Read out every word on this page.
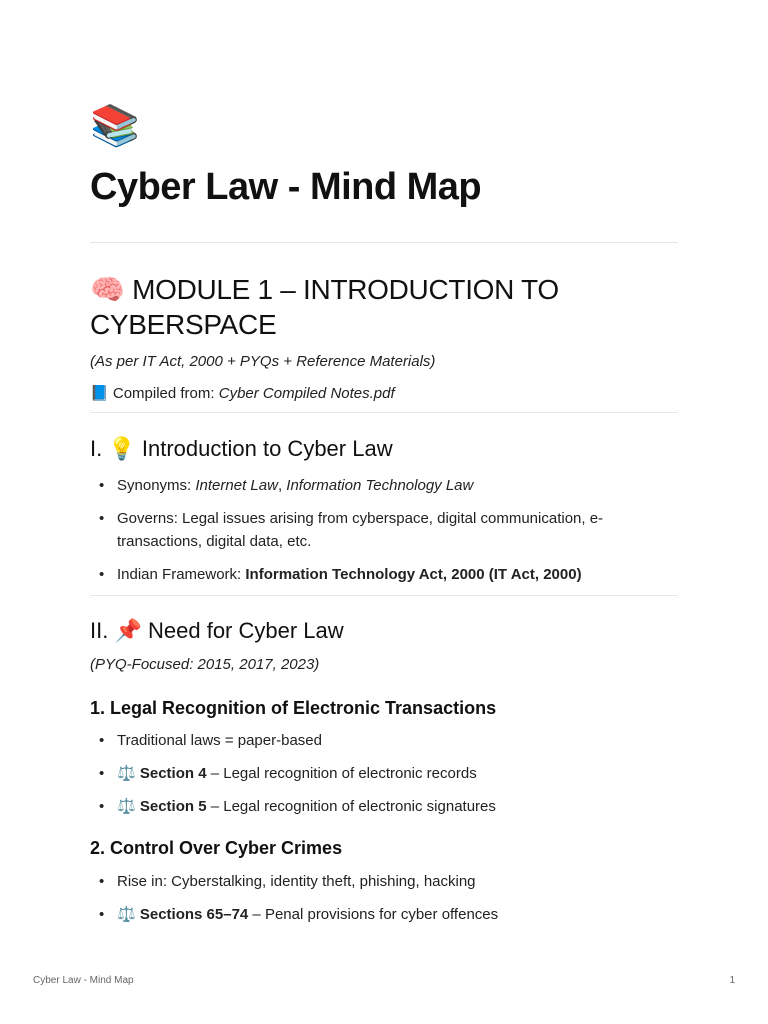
📚
Cyber Law - Mind Map
🧠 MODULE 1 – INTRODUCTION TO CYBERSPACE

(As per IT Act, 2000 + PYQs + Reference Materials)

📘 Compiled from: Cyber Compiled Notes.pdf

I. 💡 Introduction to Cyber Law
• Synonyms: Internet Law, Information Technology Law
• Governs: Legal issues arising from cyberspace, digital communication, e-transactions, digital data, etc.
• Indian Framework: Information Technology Act, 2000 (IT Act, 2000)
II. 📌 Need for Cyber Law

(PYQ-Focused: 2015, 2017, 2023)

1. Legal Recognition of Electronic Transactions
• Traditional laws = paper-based
• ⚖️ Section 4 – Legal recognition of electronic records
• ⚖️ Section 5 – Legal recognition of electronic signatures
2. Control Over Cyber Crimes
• Rise in: Cyberstalking, identity theft, phishing, hacking
• ⚖️ Sections 65–74 – Penal provisions for cyber offences
Cyber Law - Mind Map	1
